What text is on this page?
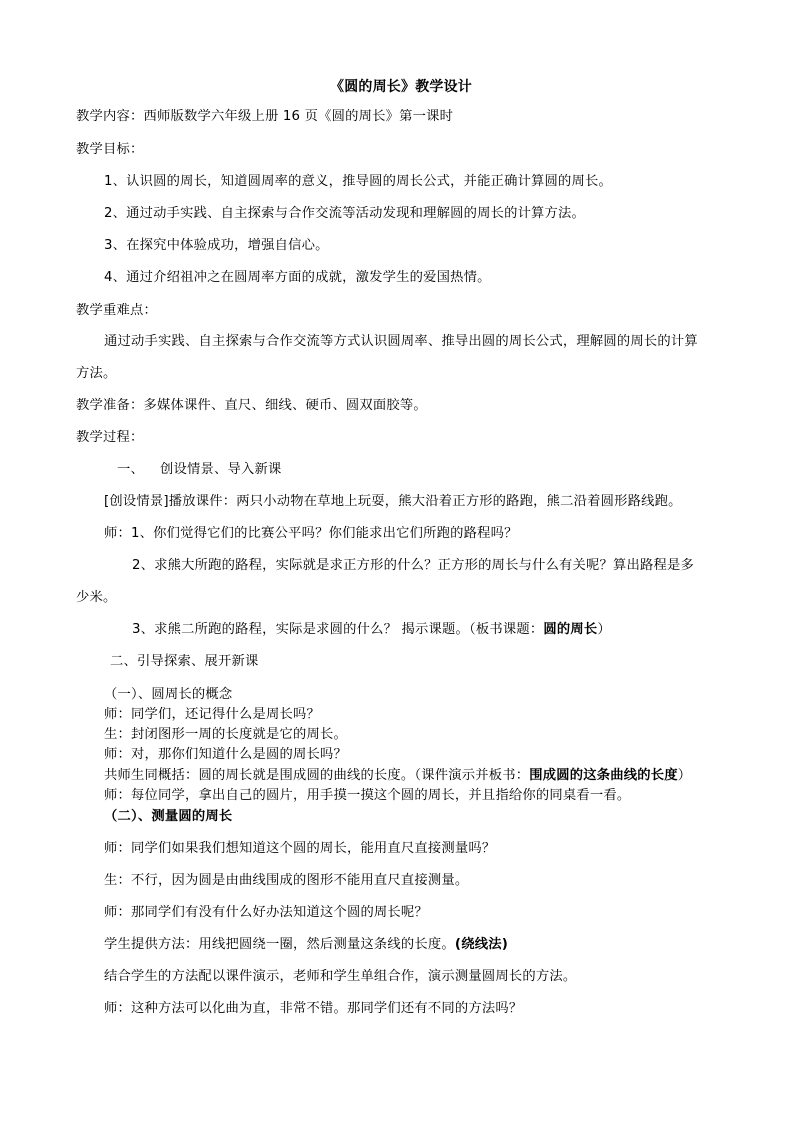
《圆的周长》教学设计
教学内容：西师版数学六年级上册 16 页《圆的周长》第一课时
教学目标：
1、认识圆的周长，知道圆周率的意义，推导圆的周长公式，并能正确计算圆的周长。
2、通过动手实践、自主探索与合作交流等活动发现和理解圆的周长的计算方法。
3、在探究中体验成功，增强自信心。
4、通过介绍祖冲之在圆周率方面的成就，激发学生的爱国热情。
教学重难点：
通过动手实践、自主探索与合作交流等方式认识圆周率、推导出圆的周长公式，理解圆的周长的计算
方法。
教学准备：多媒体课件、直尺、细线、硬币、圆双面胶等。
教学过程：
一、 创设情景、导入新课
[创设情景]播放课件：两只小动物在草地上玩耍，熊大沿着正方形的路跑，熊二沿着圆形路线跑。
师：1、你们觉得它们的比赛公平吗？你们能求出它们所跑的路程吗？
2、求熊大所跑的路程，实际就是求正方形的什么？正方形的周长与什么有关呢？算出路程是多
少米。
3、求熊二所跑的路程，实际是求圆的什么？ 揭示课题。（板书课题：圆的周长）
二、引导探索、展开新课
（一）、圆周长的概念
师：同学们，还记得什么是周长吗？
生：封闭图形一周的长度就是它的周长。
师：对，那你们知道什么是圆的周长吗？
共师生同概括：圆的周长就是围成圆的曲线的长度。（课件演示并板书：围成圆的这条曲线的长度）
师：每位同学，拿出自己的圆片，用手摸一摸这个圆的周长，并且指给你的同桌看一看。
（二）、测量圆的周长
师：同学们如果我们想知道这个圆的周长，能用直尺直接测量吗？
生：不行，因为圆是由曲线围成的图形不能用直尺直接测量。
师：那同学们有没有什么好办法知道这个圆的周长呢？
学生提供方法：用线把圆绕一圈，然后测量这条线的长度。(绕线法)
结合学生的方法配以课件演示，老师和学生单组合作，演示测量圆周长的方法。
师：这种方法可以化曲为直，非常不错。那同学们还有不同的方法吗？
